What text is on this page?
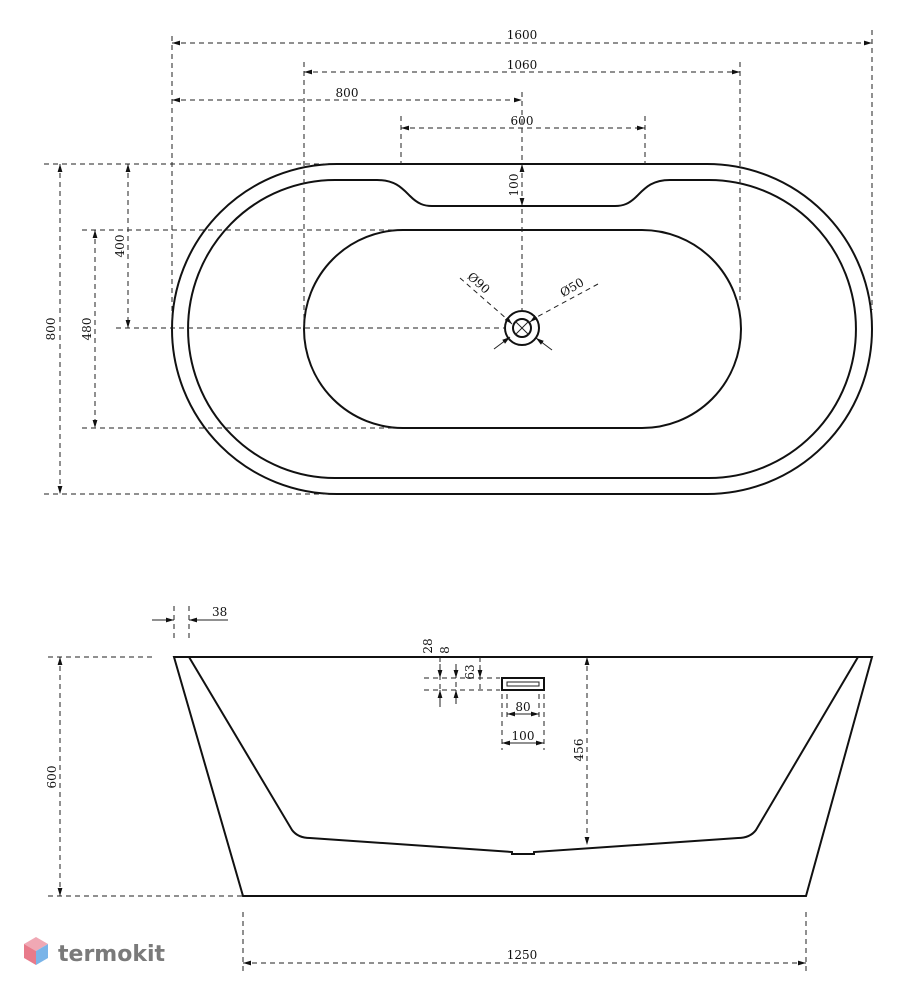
1600
1060
800
600
100
800 480
400
Ø90	Ø50
38
600
456
1250
28 8
63
80
100
termokit
